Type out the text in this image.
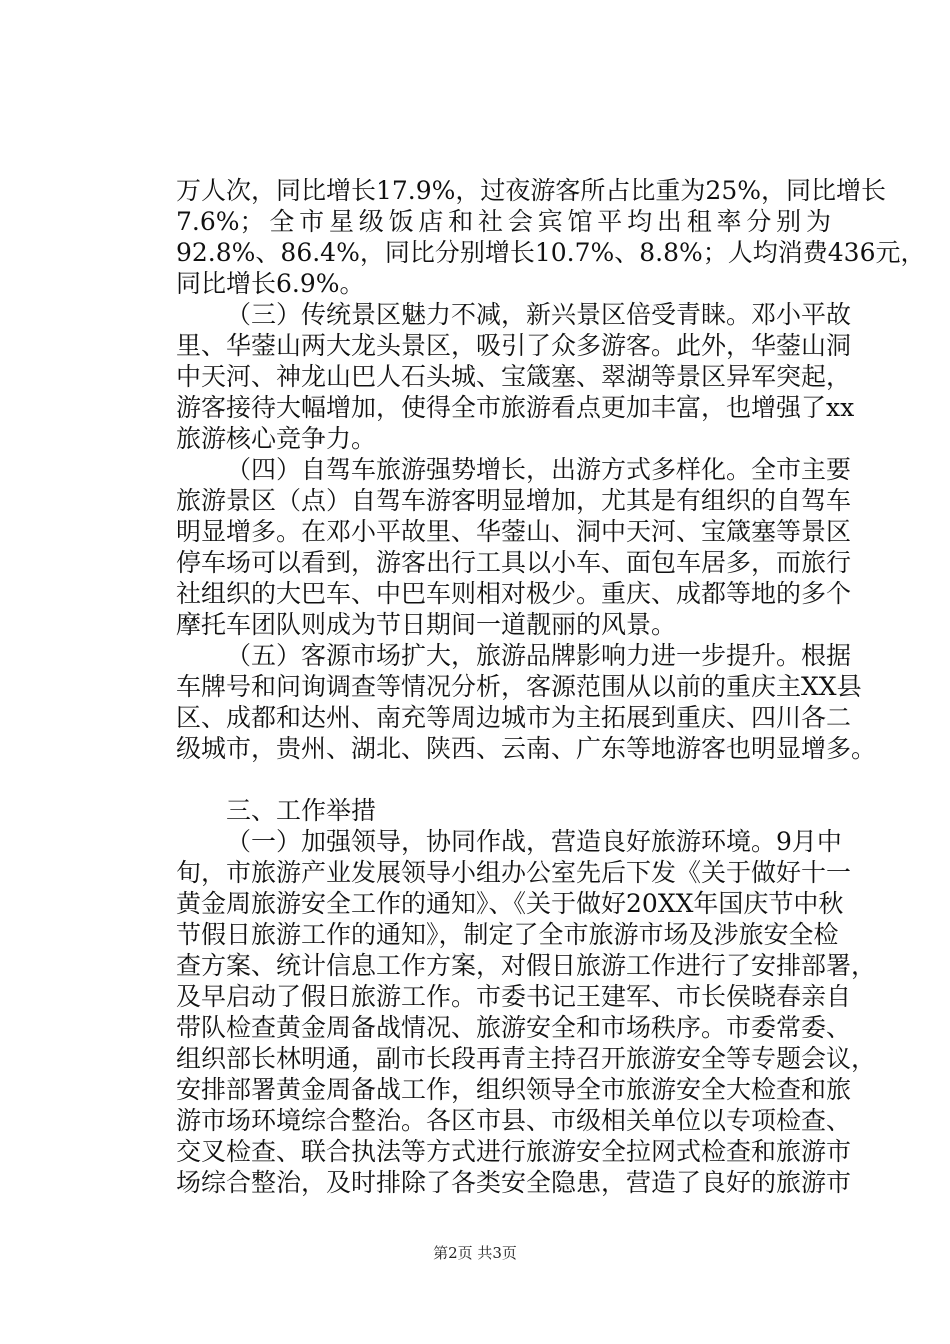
万人次，同比增长17.9%，过夜游客所占比重为25%，同比增长
7.6%；全市星级饭店和社会宾馆平均出租率分别为
92.8%、86.4%，同比分别增长10.7%、8.8%；人均消费436元，
同比增长6.9%。
（三）传统景区魅力不减，新兴景区倍受青睐。邓小平故
里、华蓥山两大龙头景区，吸引了众多游客。此外，华蓥山洞
中天河、神龙山巴人石头城、宝箴塞、翠湖等景区异军突起，
游客接待大幅增加，使得全市旅游看点更加丰富，也增强了xx
旅游核心竞争力。
（四）自驾车旅游强势增长，出游方式多样化。全市主要
旅游景区（点）自驾车游客明显增加，尤其是有组织的自驾车
明显增多。在邓小平故里、华蓥山、洞中天河、宝箴塞等景区
停车场可以看到，游客出行工具以小车、面包车居多，而旅行
社组织的大巴车、中巴车则相对极少。重庆、成都等地的多个
摩托车团队则成为节日期间一道靓丽的风景。
（五）客源市场扩大，旅游品牌影响力进一步提升。根据
车牌号和问询调查等情况分析，客源范围从以前的重庆主XX县
区、成都和达州、南充等周边城市为主拓展到重庆、四川各二
级城市，贵州、湖北、陕西、云南、广东等地游客也明显增多。
三、工作举措
（一）加强领导，协同作战，营造良好旅游环境。9月中
旬，市旅游产业发展领导小组办公室先后下发《关于做好十一
黄金周旅游安全工作的通知》、《关于做好20XX年国庆节中秋
节假日旅游工作的通知》，制定了全市旅游市场及涉旅安全检
查方案、统计信息工作方案，对假日旅游工作进行了安排部署，
及早启动了假日旅游工作。市委书记王建军、市长侯晓春亲自
带队检查黄金周备战情况、旅游安全和市场秩序。市委常委、
组织部长林明通，副市长段再青主持召开旅游安全等专题会议，
安排部署黄金周备战工作，组织领导全市旅游安全大检查和旅
游市场环境综合整治。各区市县、市级相关单位以专项检查、
交叉检查、联合执法等方式进行旅游安全拉网式检查和旅游市
场综合整治，及时排除了各类安全隐患，营造了良好的旅游市
第2页 共3页
